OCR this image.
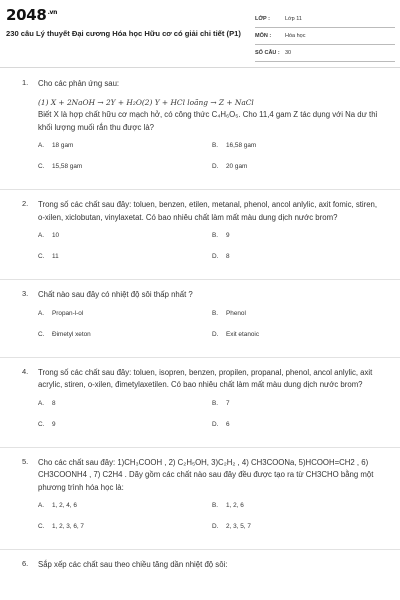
$2048^{.vn}$
230 câu Lý thuyết Đại cương Hóa học Hữu cơ có giải chi tiết (P1)
LỚP :	Lớp 11
MÔN :	Hóa học
SỐ CÂU : 30
1. Cho các phản ứng sau:
(1) X + 2NaOH → 2Y + H₂O(2) Y + HCl loãng → Z + NaCl
Biết X là hợp chất hữu cơ mạch hở, có công thức C₄H₆O₅. Cho 11,4 gam Z tác dụng với Na dư thì khối lượng muối rắn thu được là?
A. 18 gam	B. 16,58 gam
C. 15,58 gam	D. 20 gam
2. Trong số các chất sau đây: toluen, benzen, etilen, metanal, phenol, ancol anlylic, axit fomic, stiren, o-xilen, xiclobutan, vinylaxetat. Có bao nhiêu chất làm mất màu dung dịch nước brom?
A. 10	B. 9
C. 11	D. 8
3. Chất nào sau đây có nhiệt độ sôi thấp nhất ?
A. Propan-l-ol	B. Phenol
C. Đimetyl xeton	D. Exit etanoic
4. Trong số các chất sau đây: toluen, isopren, benzen, propilen, propanal, phenol, ancol anlylic, axit acrylic, stiren, o-xilen, đimetylaxetilen. Có bao nhiêu chất làm mất màu dung dịch nước brom?
A. 8	B. 7
C. 9	D. 6
5. Cho các chất sau đây: 1)CH₃COOH , 2) C₂H₅OH, 3)C₂H₂ , 4) CH3COONa, 5)HCOOH=CH2 , 6) CH3COONH4 , 7) C2H4 . Dãy gồm các chất nào sau đây đều được tạo ra từ CH3CHO bằng một phương trình hóa học là:
A. 1, 2, 4, 6	B. 1, 2, 6
C. 1, 2, 3, 6, 7	D. 2, 3, 5, 7
6. Sắp xếp các chất sau theo chiều tăng dần nhiệt độ sôi:
